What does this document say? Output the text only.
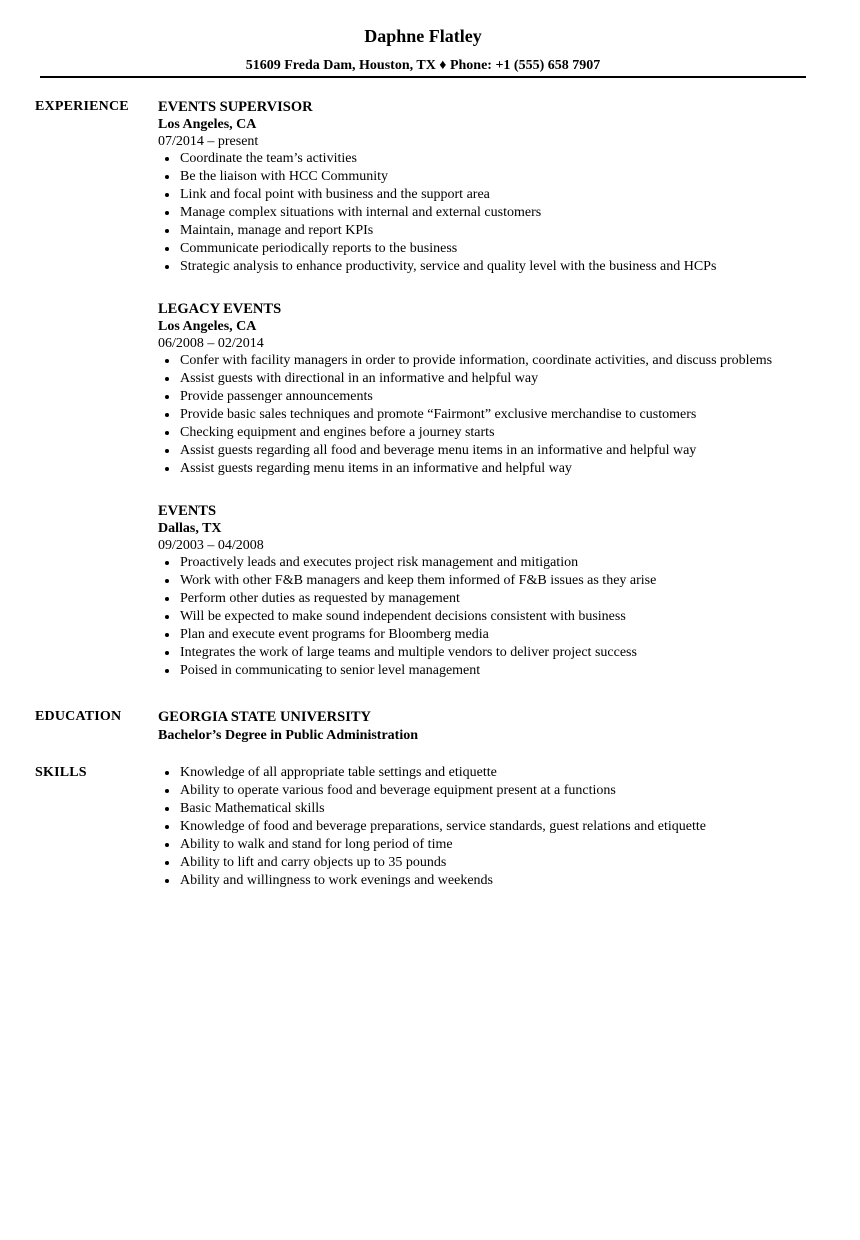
Daphne Flatley
51609 Freda Dam, Houston, TX ♦ Phone: +1 (555) 658 7907
EXPERIENCE EVENTS SUPERVISOR
Los Angeles, CA
07/2014 – present
Coordinate the team’s activities
Be the liaison with HCC Community
Link and focal point with business and the support area
Manage complex situations with internal and external customers
Maintain, manage and report KPIs
Communicate periodically reports to the business
Strategic analysis to enhance productivity, service and quality level with the business and HCPs
LEGACY EVENTS
Los Angeles, CA
06/2008 – 02/2014
Confer with facility managers in order to provide information, coordinate activities, and discuss problems
Assist guests with directional in an informative and helpful way
Provide passenger announcements
Provide basic sales techniques and promote “Fairmont” exclusive merchandise to customers
Checking equipment and engines before a journey starts
Assist guests regarding all food and beverage menu items in an informative and helpful way
Assist guests regarding menu items in an informative and helpful way
EVENTS
Dallas, TX
09/2003 – 04/2008
Proactively leads and executes project risk management and mitigation
Work with other F&B managers and keep them informed of F&B issues as they arise
Perform other duties as requested by management
Will be expected to make sound independent decisions consistent with business
Plan and execute event programs for Bloomberg media
Integrates the work of large teams and multiple vendors to deliver project success
Poised in communicating to senior level management
EDUCATION	GEORGIA STATE UNIVERSITY
Bachelor’s Degree in Public Administration
SKILLS	Knowledge of all appropriate table settings and etiquette
Ability to operate various food and beverage equipment present at a functions
Basic Mathematical skills
Knowledge of food and beverage preparations, service standards, guest relations and etiquette
Ability to walk and stand for long period of time
Ability to lift and carry objects up to 35 pounds
Ability and willingness to work evenings and weekends
